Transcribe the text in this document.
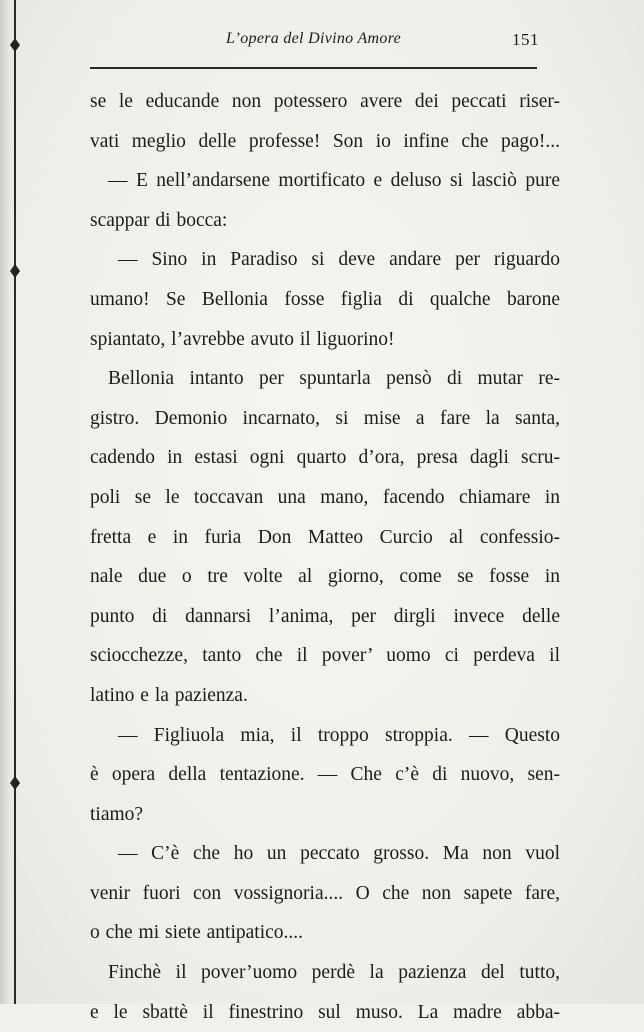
L’opera del Divino Amore	151
se le educande non potessero avere dei peccati riser-
vati meglio delle professe! Son io infine che pago!...
— E nell’andarsene mortificato e deluso si lasciò pure
scappar di bocca:
— Sino in Paradiso si deve andare per riguardo
umano! Se Bellonia fosse figlia di qualche barone
spiantato, l’avrebbe avuto il liguorino!
Bellonia intanto per spuntarla pensò di mutar re-
gistro. Demonio incarnato, si mise a fare la santa,
cadendo in estasi ogni quarto d’ora, presa dagli scru-
poli se le toccavan una mano, facendo chiamare in
fretta e in furia Don Matteo Curcio al confessio-
nale due o tre volte al giorno, come se fosse in
punto di dannarsi l’anima, per dirgli invece delle
sciocchezze, tanto che il pover’ uomo ci perdeva il
latino e la pazienza.
— Figliuola mia, il troppo stroppia. — Questo
è opera della tentazione. — Che c’è di nuovo, sen-
tiamo?
— C’è che ho un peccato grosso. Ma non vuol
venir fuori con vossignoria.... O che non sapete fare,
o che mi siete antipatico....
Finchè il pover’uomo perdè la pazienza del tutto,
e le sbattè il finestrino sul muso. La madre abba-
